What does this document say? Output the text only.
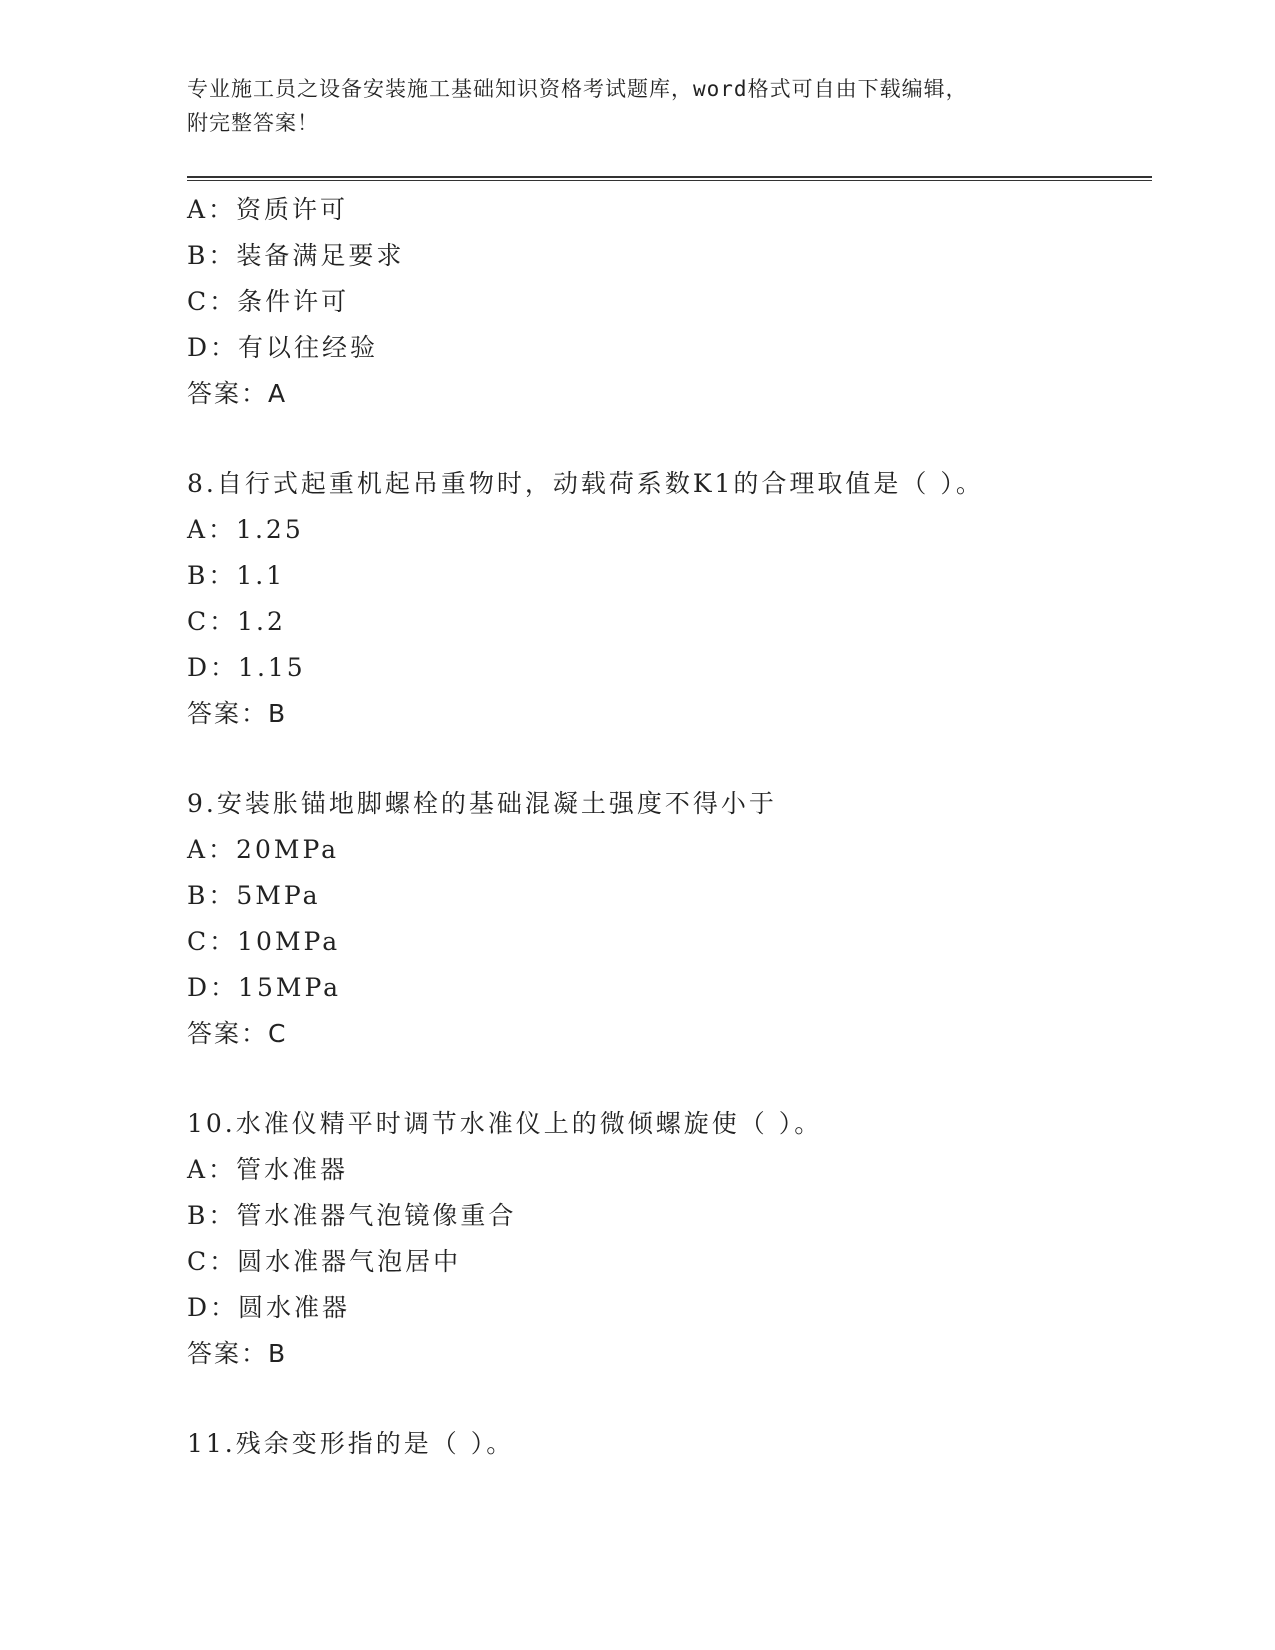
专业施工员之设备安装施工基础知识资格考试题库，word格式可自由下载编辑，
附完整答案！
A：资质许可
B：装备满足要求
C：条件许可
D：有以往经验
答案：A
8.自行式起重机起吊重物时，动载荷系数K1的合理取值是（ ）。
A：1.25
B：1.1
C：1.2
D：1.15
答案：B
9.安装胀锚地脚螺栓的基础混凝土强度不得小于
A：20MPa
B：5MPa
C：10MPa
D：15MPa
答案：C
10.水准仪精平时调节水准仪上的微倾螺旋使（ ）。
A：管水准器
B：管水准器气泡镜像重合
C：圆水准器气泡居中
D：圆水准器
答案：B
11.残余变形指的是（ ）。
